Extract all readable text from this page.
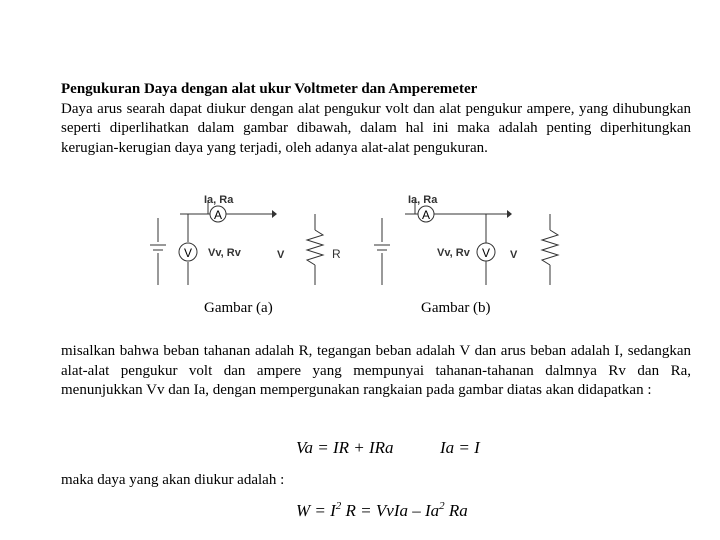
Pengukuran Daya dengan alat ukur Voltmeter dan Amperemeter

Daya arus searah dapat diukur dengan alat pengukur volt dan alat pengukur ampere, yang dihubungkan seperti diperlihatkan dalam gambar dibawah, dalam hal ini maka adalah penting diperhitungkan kerugian-kerugian daya yang terjadi, oleh adanya alat-alat pengukuran.

A
Ia, Ra
V Vv, Rv	V	R
Gambar (a)
A
Ia, Ra
V
Vv, Rv	V
Gambar (b)

misalkan bahwa beban tahanan adalah R, tegangan beban adalah V dan arus beban adalah I, sedangkan alat-alat pengukur volt dan ampere yang mempunyai tahanan-tahanan dalmnya Rv dan Ra, menunjukkan Vv dan Ia, dengan mempergunakan rangkaian pada gambar diatas akan didapatkan :

Va = IR + IRa	Ia = I

maka daya yang akan diukur adalah :

$W = I^2$ R = VvIa – Ia$^2$ Ra
